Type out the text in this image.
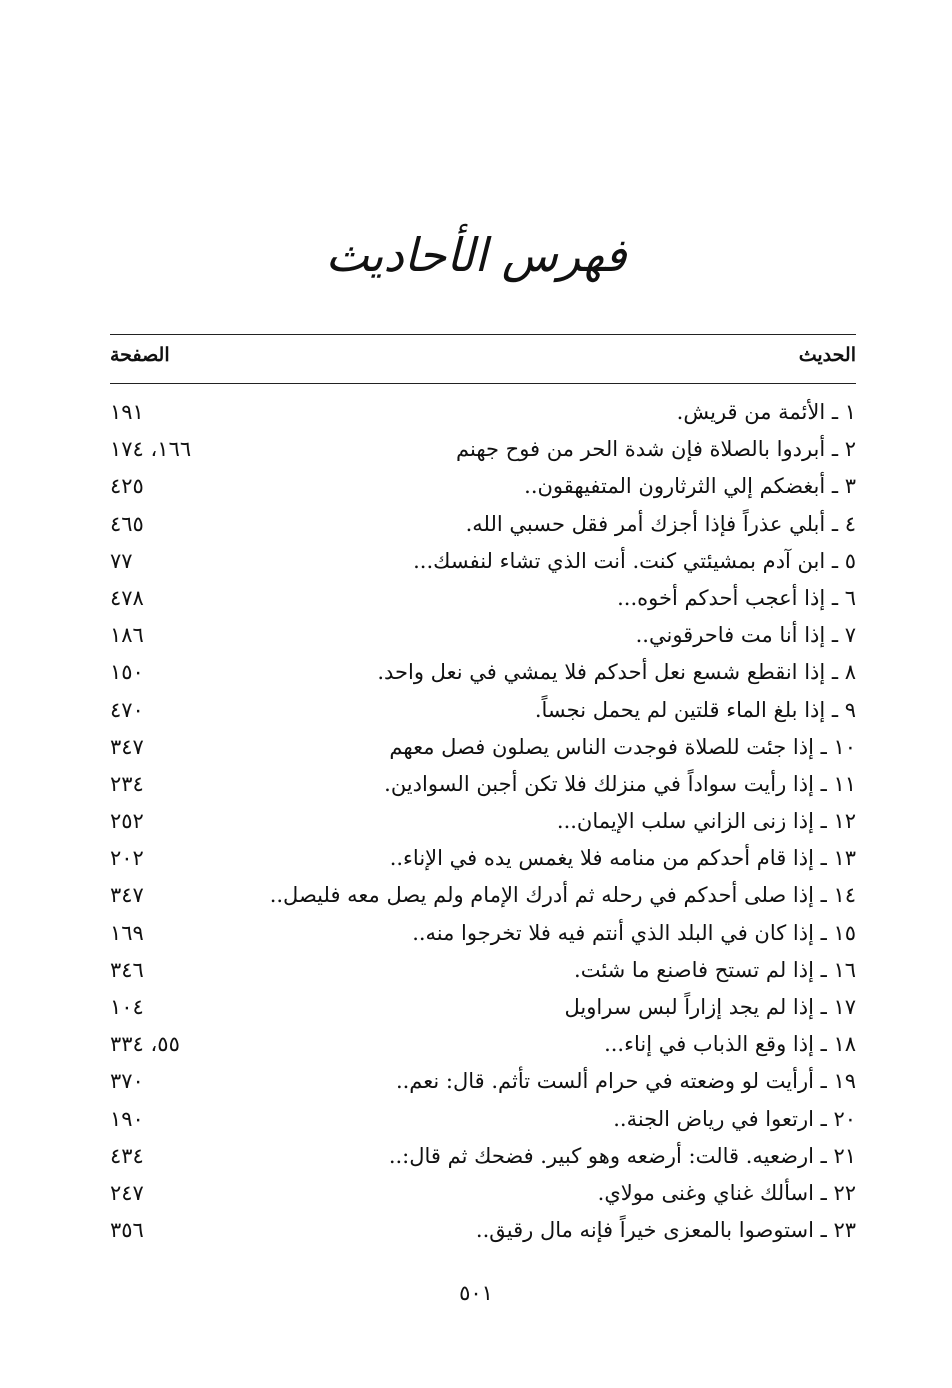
فهرس الأحاديث
الحديث
الصفحة
١ ـ الأئمة من قريش.
١٩١
٢ ـ أبردوا بالصلاة فإن شدة الحر من فوح جهنم
١٦٦، ١٧٤
٣ ـ أبغضكم إلي الثرثارون المتفيهقون..
٤٢٥
٤ ـ أبلي عذراً فإذا أجزك أمر فقل حسبي الله.
٤٦٥
٥ ـ ابن آدم بمشيئتي كنت. أنت الذي تشاء لنفسك...
٧٧
٦ ـ إذا أعجب أحدكم أخوه...
٤٧٨
٧ ـ إذا أنا مت فاحرقوني..
١٨٦
٨ ـ إذا انقطع شسع نعل أحدكم فلا يمشي في نعل واحد.
١٥٠
٩ ـ إذا بلغ الماء قلتين لم يحمل نجساً.
٤٧٠
١٠ ـ إذا جئت للصلاة فوجدت الناس يصلون فصل معهم
٣٤٧
١١ ـ إذا رأيت سواداً في منزلك فلا تكن أجبن السوادين.
٢٣٤
١٢ ـ إذا زنى الزاني سلب الإيمان...
٢٥٢
١٣ ـ إذا قام أحدكم من منامه فلا يغمس يده في الإناء..
٢٠٢
١٤ ـ إذا صلى أحدكم في رحله ثم أدرك الإمام ولم يصل معه فليصل..
٣٤٧
١٥ ـ إذا كان في البلد الذي أنتم فيه فلا تخرجوا منه..
١٦٩
١٦ ـ إذا لم تستح فاصنع ما شئت.
٣٤٦
١٧ ـ إذا لم يجد إزاراً لبس سراويل
١٠٤
١٨ ـ إذا وقع الذباب في إناء...
٥٥، ٣٣٤
١٩ ـ أرأيت لو وضعته في حرام ألست تأثم. قال: نعم..
٣٧٠
٢٠ ـ ارتعوا في رياض الجنة..
١٩٠
٢١ ـ ارضعيه. قالت: أرضعه وهو كبير. فضحك ثم قال:..
٤٣٤
٢٢ ـ اسألك غناي وغنى مولاي.
٢٤٧
٢٣ ـ استوصوا بالمعزى خيراً فإنه مال رقيق..
٣٥٦
٥٠١
